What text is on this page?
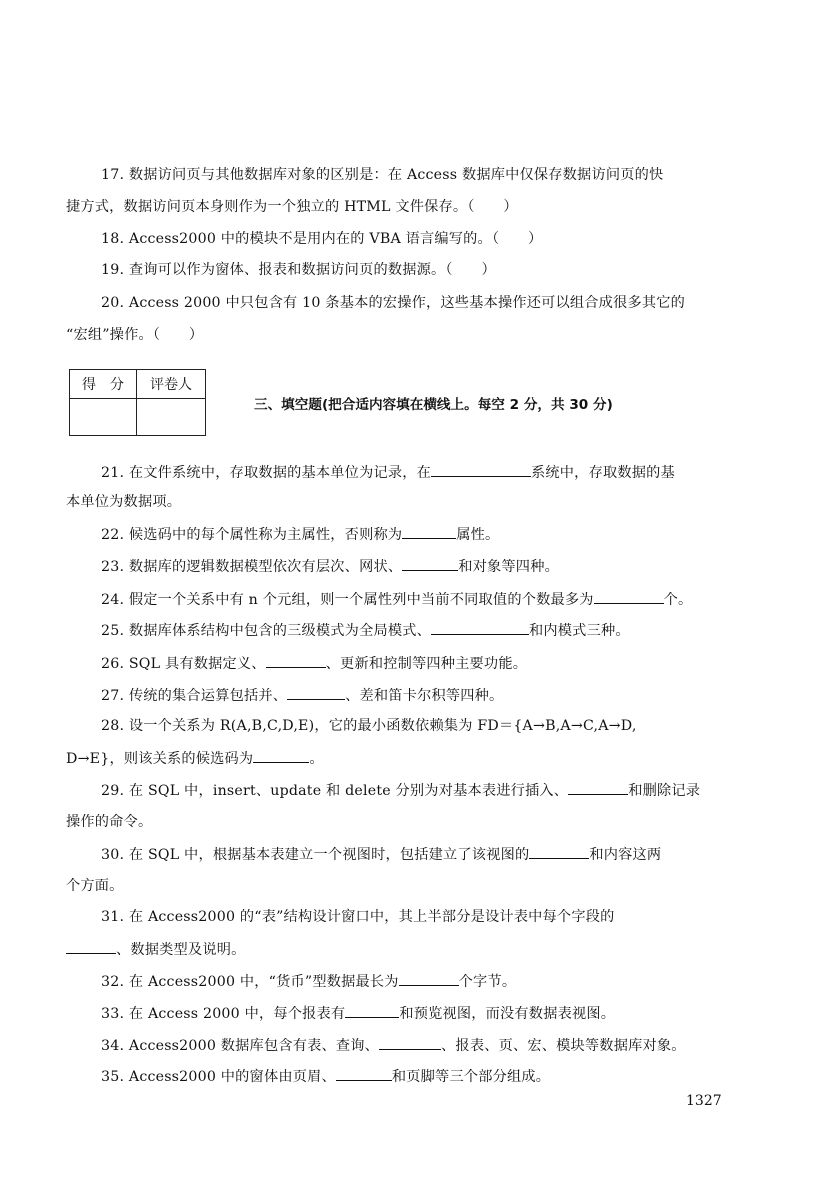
17. 数据访问页与其他数据库对象的区别是：在 Access 数据库中仅保存数据访问页的快
捷方式，数据访问页本身则作为一个独立的 HTML 文件保存。（　　）
18. Access2000 中的模块不是用内在的 VBA 语言编写的。（　　）
19. 查询可以作为窗体、报表和数据访问页的数据源。（　　）
20. Access 2000 中只包含有 10 条基本的宏操作，这些基本操作还可以组合成很多其它的
“宏组”操作。（　　）
得　分	评卷人

三、填空题(把合适内容填在横线上。每空 2 分，共 30 分)
21. 在文件系统中，存取数据的基本单位为记录，在	系统中，存取数据的基
本单位为数据项。
22. 候选码中的每个属性称为主属性，否则称为	属性。
23. 数据库的逻辑数据模型依次有层次、网状、	和对象等四种。
24. 假定一个关系中有 n 个元组，则一个属性列中当前不同取值的个数最多为	个。
25. 数据库体系结构中包含的三级模式为全局模式、	和内模式三种。
26. SQL 具有数据定义、	、更新和控制等四种主要功能。
27. 传统的集合运算包括并、	、差和笛卡尔积等四种。
28. 设一个关系为 R(A,B,C,D,E)，它的最小函数依赖集为 FD＝{A→B,A→C,A→D,
D→E}，则该关系的候选码为	。
29. 在 SQL 中，insert、update 和 delete 分别为对基本表进行插入、	和删除记录
操作的命令。
30. 在 SQL 中，根据基本表建立一个视图时，包括建立了该视图的	和内容这两
个方面。
31. 在 Access2000 的“表”结构设计窗口中，其上半部分是设计表中每个字段的
、数据类型及说明。
32. 在 Access2000 中，“货币”型数据最长为	个字节。
33. 在 Access 2000 中，每个报表有	和预览视图，而没有数据表视图。
34. Access2000 数据库包含有表、查询、	、报表、页、宏、模块等数据库对象。
35. Access2000 中的窗体由页眉、	和页脚等三个部分组成。
1327
